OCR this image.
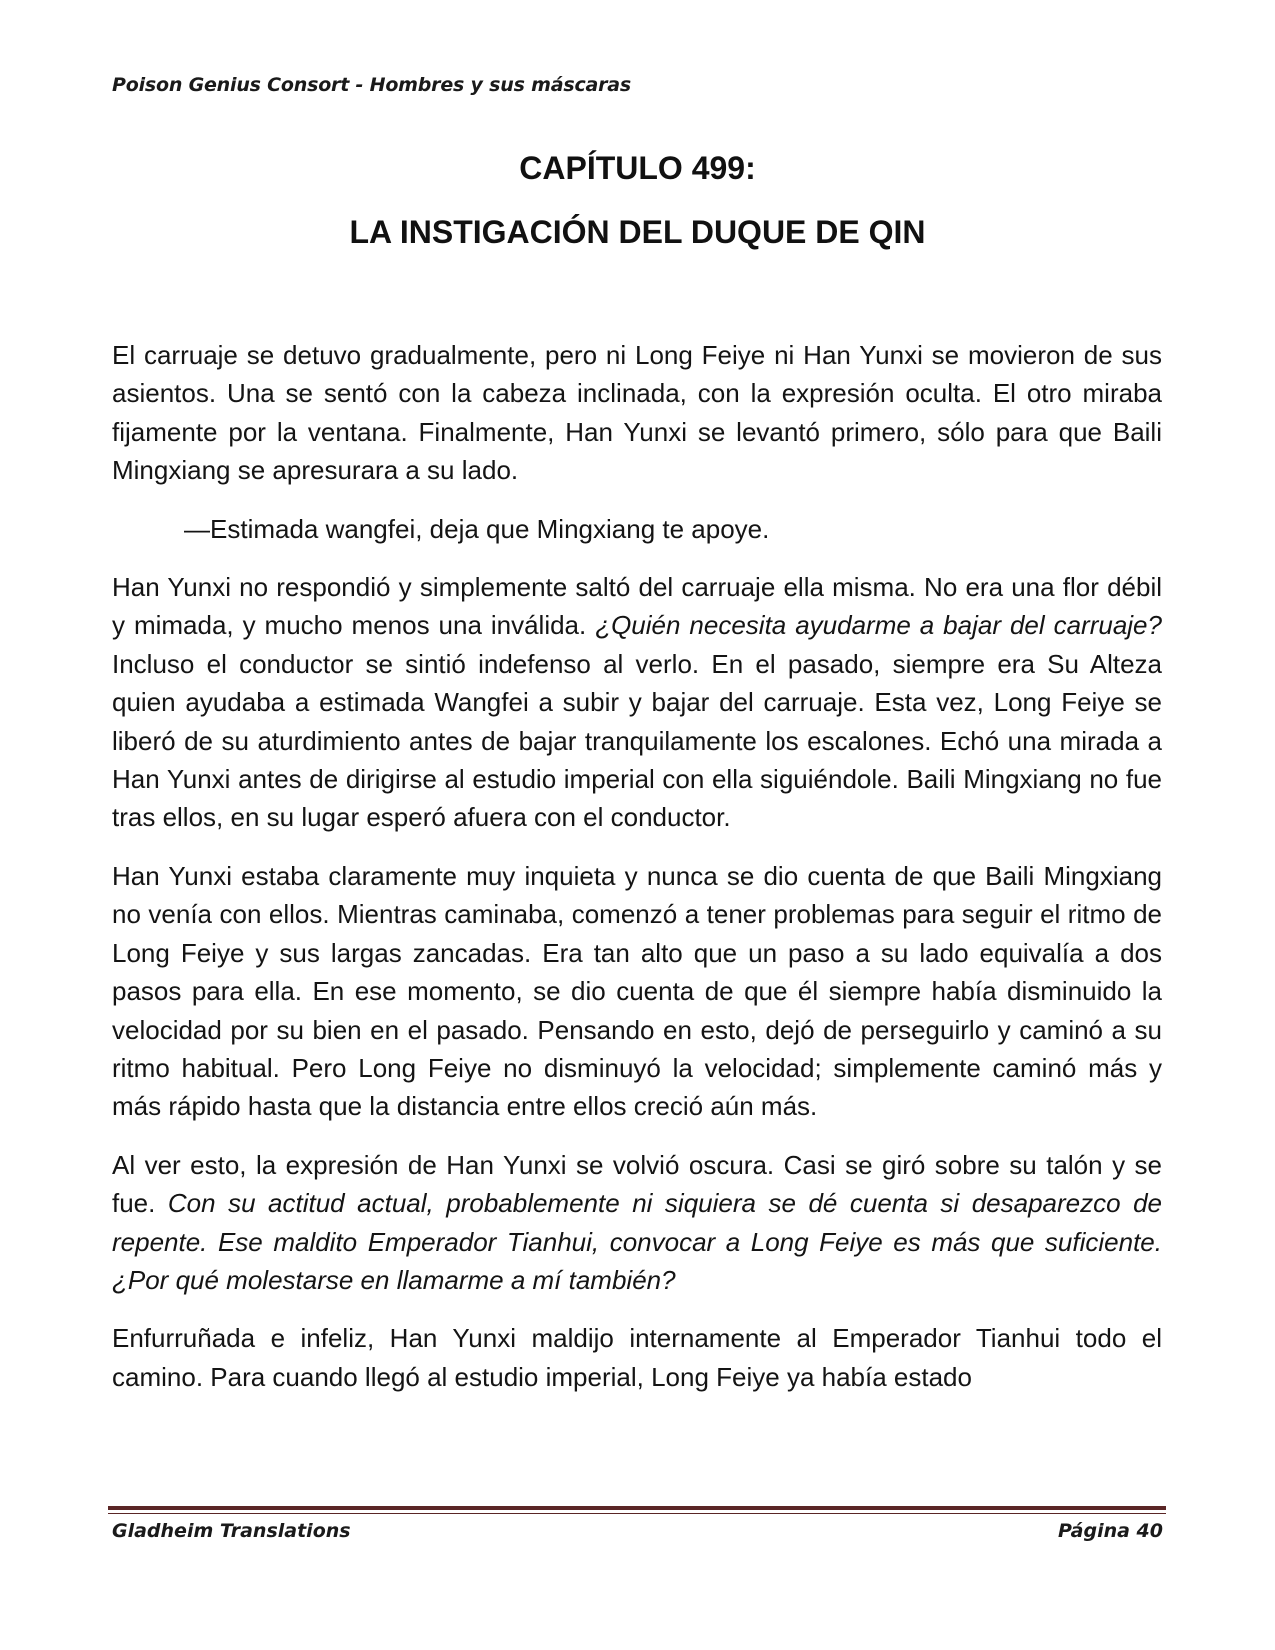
Poison Genius Consort - Hombres y sus máscaras
CAPÍTULO 499:
LA INSTIGACIÓN DEL DUQUE DE QIN

El carruaje se detuvo gradualmente, pero ni Long Feiye ni Han Yunxi se movieron de sus asientos. Una se sentó con la cabeza inclinada, con la expresión oculta. El otro miraba fijamente por la ventana. Finalmente, Han Yunxi se levantó primero, sólo para que Baili Mingxiang se apresurara a su lado.

—Estimada wangfei, deja que Mingxiang te apoye.

Han Yunxi no respondió y simplemente saltó del carruaje ella misma. No era una flor débil y mimada, y mucho menos una inválida. ¿Quién necesita ayudarme a bajar del carruaje? Incluso el conductor se sintió indefenso al verlo. En el pasado, siempre era Su Alteza quien ayudaba a estimada Wangfei a subir y bajar del carruaje. Esta vez, Long Feiye se liberó de su aturdimiento antes de bajar tranquilamente los escalones. Echó una mirada a Han Yunxi antes de dirigirse al estudio imperial con ella siguiéndole. Baili Mingxiang no fue tras ellos, en su lugar esperó afuera con el conductor.

Han Yunxi estaba claramente muy inquieta y nunca se dio cuenta de que Baili Mingxiang no venía con ellos. Mientras caminaba, comenzó a tener problemas para seguir el ritmo de Long Feiye y sus largas zancadas. Era tan alto que un paso a su lado equivalía a dos pasos para ella. En ese momento, se dio cuenta de que él siempre había disminuido la velocidad por su bien en el pasado. Pensando en esto, dejó de perseguirlo y caminó a su ritmo habitual. Pero Long Feiye no disminuyó la velocidad; simplemente caminó más y más rápido hasta que la distancia entre ellos creció aún más.

Al ver esto, la expresión de Han Yunxi se volvió oscura. Casi se giró sobre su talón y se fue. Con su actitud actual, probablemente ni siquiera se dé cuenta si desaparezco de repente. Ese maldito Emperador Tianhui, convocar a Long Feiye es más que suficiente. ¿Por qué molestarse en llamarme a mí también?

Enfurruñada e infeliz, Han Yunxi maldijo internamente al Emperador Tianhui todo el camino. Para cuando llegó al estudio imperial, Long Feiye ya había estado

Gladheim Translations	Página 40
